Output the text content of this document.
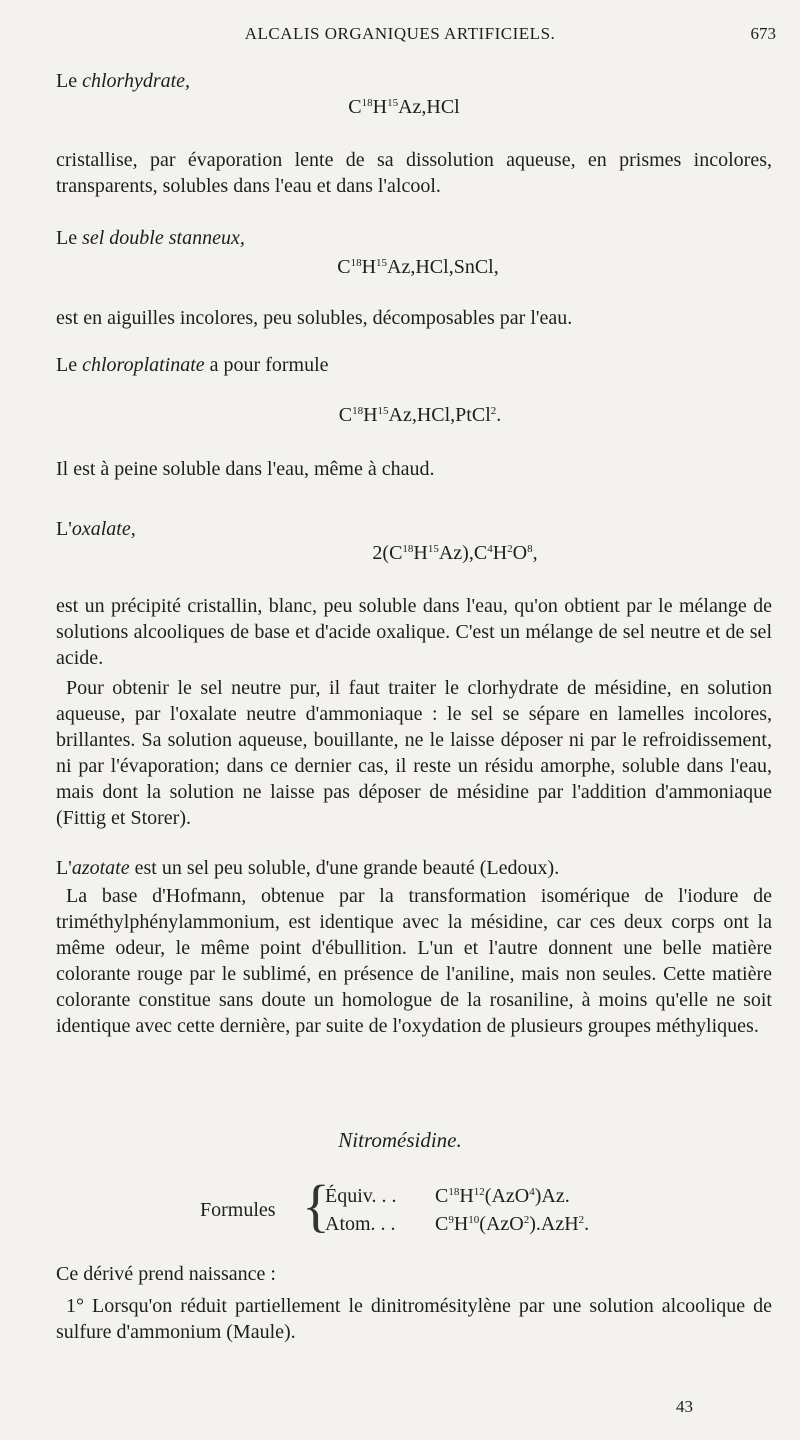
ALCALIS ORGANIQUES ARTIFICIELS.	673
Le chlorhydrate,
$C^{18}H^{15}Az,HCl$
cristallise, par évaporation lente de sa dissolution aqueuse, en prismes incolores, transparents, solubles dans l'eau et dans l'alcool.
Le sel double stanneux,
$C^{18}H^{15}Az,HCl,SnCl$,
est en aiguilles incolores, peu solubles, décomposables par l'eau.
Le chloroplatinate a pour formule
$C^{18}H^{15}Az,HCl,PtCl^2$.
Il est à peine soluble dans l'eau, même à chaud.
L'oxalate,
$2(C^{18}H^{15}Az),C^4H^2O^8$,
est un précipité cristallin, blanc, peu soluble dans l'eau, qu'on obtient par le mélange de solutions alcooliques de base et d'acide oxalique. C'est un mélange de sel neutre et de sel acide.
Pour obtenir le sel neutre pur, il faut traiter le clorhydrate de mésidine, en solution aqueuse, par l'oxalate neutre d'ammoniaque : le sel se sépare en lamelles incolores, brillantes. Sa solution aqueuse, bouillante, ne le laisse déposer ni par le refroidissement, ni par l'évaporation; dans ce dernier cas, il reste un résidu amorphe, soluble dans l'eau, mais dont la solution ne laisse pas déposer de mésidine par l'addition d'ammoniaque (Fittig et Storer).
L'azotate est un sel peu soluble, d'une grande beauté (Ledoux).
La base d'Hofmann, obtenue par la transformation isomérique de l'iodure de triméthylphénylammonium, est identique avec la mésidine, car ces deux corps ont la même odeur, le même point d'ébullition. L'un et l'autre donnent une belle matière colorante rouge par le sublimé, en présence de l'aniline, mais non seules. Cette matière colorante constitue sans doute un homologue de la rosaniline, à moins qu'elle ne soit identique avec cette dernière, par suite de l'oxydation de plusieurs groupes méthyliques.
Nitromésidine.
Formules {
Équiv. . . $C^{18}H^{12}(AzO^4)Az$.
Atom. . . $C^9H^{10}(AzO^2).AzH^2$.
Ce dérivé prend naissance :
1° Lorsqu'on réduit partiellement le dinitromésitylène par une solution alcoolique de sulfure d'ammonium (Maule).
43
